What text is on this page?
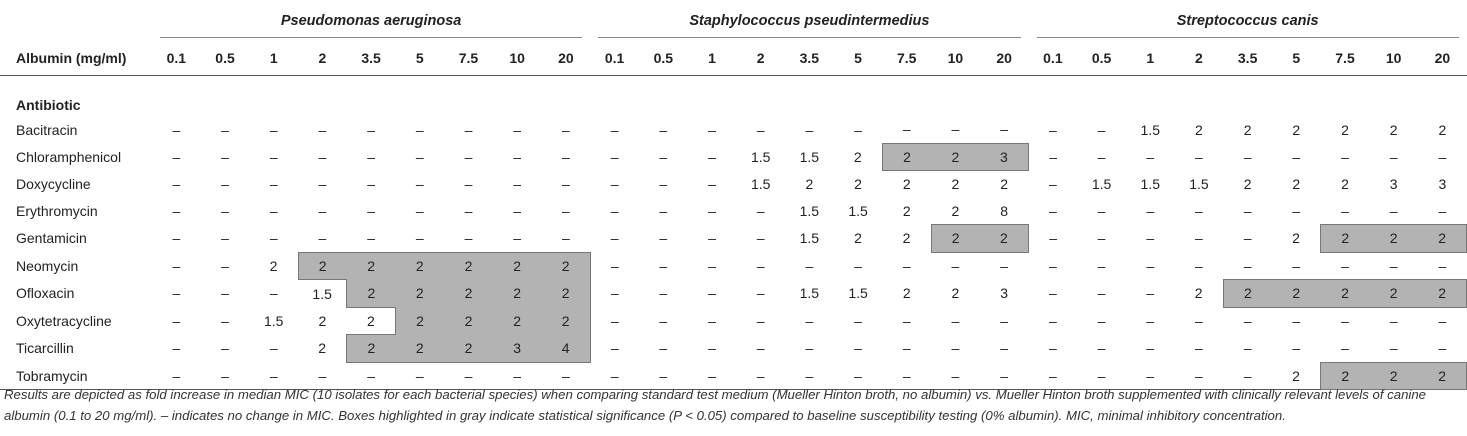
	Pseudomonas aeruginosa									Staphylococcus pseudintermedius									Streptococcus canis								
Albumin (mg/ml)	0.1	0.5	1	2	3.5	5	7.5	10	20	0.1	0.5	1	2	3.5	5	7.5	10	20	0.1	0.5	1	2	3.5	5	7.5	10	20
Antibiotic																											
Bacitracin	–	–	–	–	–	–	–	–	–	–	–	–	–	–	–	–	–	–	–	–	1.5	2	2	2	2	2	2
Chloramphenicol	–	–	–	–	–	–	–	–	–	–	–	–	1.5	1.5	2	2	2	3	–	–	–	–	–	–	–	–	–
Doxycycline	–	–	–	–	–	–	–	–	–	–	–	–	1.5	2	2	2	2	2	–	1.5	1.5	1.5	2	2	2	3	3
Erythromycin	–	–	–	–	–	–	–	–	–	–	–	–	–	1.5	1.5	2	2	8	–	–	–	–	–	–	–	–	–
Gentamicin	–	–	–	–	–	–	–	–	–	–	–	–	–	1.5	2	2	2	2	–	–	–	–	–	2	2	2	2
Neomycin	–	–	2	2	2	2	2	2	2	–	–	–	–	–	–	–	–	–	–	–	–	–	–	–	–	–	–
Ofloxacin	–	–	–	1.5	2	2	2	2	2	–	–	–	–	1.5	1.5	2	2	3	–	–	–	2	2	2	2	2	2
Oxytetracycline	–	–	1.5	2	2	2	2	2	2	–	–	–	–	–	–	–	–	–	–	–	–	–	–	–	–	–	–
Ticarcillin	–	–	–	2	2	2	2	3	4	–	–	–	–	–	–	–	–	–	–	–	–	–	–	–	–	–	–
Tobramycin	–	–	–	–	–	–	–	–	–	–	–	–	–	–	–	–	–	–	–	–	–	–	–	2	2	2	2

Results are depicted as fold increase in median MIC (10 isolates for each bacterial species) when comparing standard test medium (Mueller Hinton broth, no albumin) vs. Mueller Hinton broth supplemented with clinically relevant levels of canine albumin (0.1 to 20 mg/ml). – indicates no change in MIC. Boxes highlighted in gray indicate statistical significance (P < 0.05) compared to baseline susceptibility testing (0% albumin). MIC, minimal inhibitory concentration.
